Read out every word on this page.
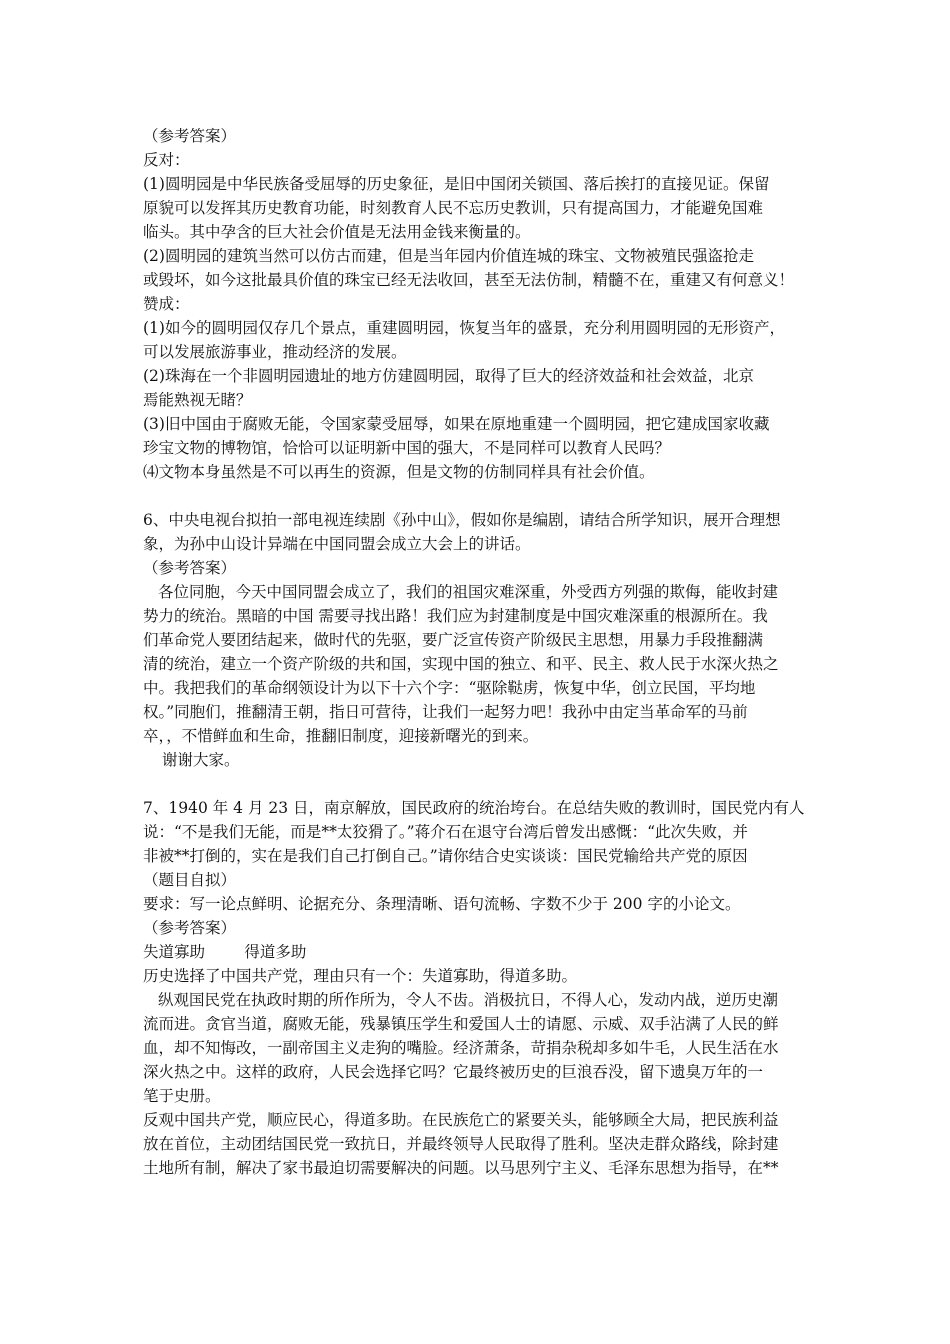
（参考答案）
反对：
(1)圆明园是中华民族备受屈辱的历史象征，是旧中国闭关锁国、落后挨打的直接见证。保留
原貌可以发挥其历史教育功能，时刻教育人民不忘历史教训，只有提高国力，才能避免国难
临头。其中孕含的巨大社会价值是无法用金钱来衡量的。
(2)圆明园的建筑当然可以仿古而建，但是当年园内价值连城的珠宝、文物被殖民强盗抢走
或毁坏，如今这批最具价值的珠宝已经无法收回，甚至无法仿制，精髓不在，重建又有何意义！
赞成：
(1)如今的圆明园仅存几个景点，重建圆明园，恢复当年的盛景，充分利用圆明园的无形资产，
可以发展旅游事业，推动经济的发展。
(2)珠海在一个非圆明园遗址的地方仿建圆明园，取得了巨大的经济效益和社会效益，北京
焉能熟视无睹？
(3)旧中国由于腐败无能，令国家蒙受屈辱，如果在原地重建一个圆明园，把它建成国家收藏
珍宝文物的博物馆，恰恰可以证明新中国的强大，不是同样可以教育人民吗？
⑷文物本身虽然是不可以再生的资源，但是文物的仿制同样具有社会价值。
6、中央电视台拟拍一部电视连续剧《孙中山》，假如你是编剧，请结合所学知识，展开合理想
象，为孙中山设计异端在中国同盟会成立大会上的讲话。
（参考答案）
各位同胞，今天中国同盟会成立了，我们的祖国灾难深重，外受西方列强的欺侮，能收封建
势力的统治。黑暗的中国 需要寻找出路！我们应为封建制度是中国灾难深重的根源所在。我
们革命党人要团结起来，做时代的先驱，要广泛宣传资产阶级民主思想，用暴力手段推翻满
清的统治，建立一个资产阶级的共和国，实现中国的独立、和平、民主、救人民于水深火热之
中。我把我们的革命纲领设计为以下十六个字：“驱除鞑虏，恢复中华，创立民国，平均地
权。”同胞们，推翻清王朝，指日可营待，让我们一起努力吧！我孙中由定当革命军的马前
卒，，不惜鲜血和生命，推翻旧制度，迎接新曙光的到来。
谢谢大家。
7、1940 年 4 月 23 日，南京解放，国民政府的统治垮台。在总结失败的教训时，国民党内有人
说：“不是我们无能，而是**太狡猾了。”蒋介石在退守台湾后曾发出感慨：“此次失败，并
非被**打倒的，实在是我们自己打倒自己。”请你结合史实谈谈：国民党输给共产党的原因
（题目自拟）
要求：写一论点鲜明、论据充分、条理清晰、语句流畅、字数不少于 200 字的小论文。
（参考答案）
失道寡助        得道多助
历史选择了中国共产党，理由只有一个：失道寡助，得道多助。
纵观国民党在执政时期的所作所为，令人不齿。消极抗日，不得人心，发动内战，逆历史潮
流而进。贪官当道，腐败无能，残暴镇压学生和爱国人士的请愿、示威、双手沾满了人民的鲜
血，却不知悔改，一副帝国主义走狗的嘴脸。经济萧条，苛捐杂税却多如牛毛，人民生活在水
深火热之中。这样的政府，人民会选择它吗？它最终被历史的巨浪吞没，留下遗臭万年的一
笔于史册。
反观中国共产党，顺应民心，得道多助。在民族危亡的紧要关头，能够顾全大局，把民族利益
放在首位，主动团结国民党一致抗日，并最终领导人民取得了胜利。坚决走群众路线，除封建
土地所有制，解决了家书最迫切需要解决的问题。以马思列宁主义、毛泽东思想为指导，在**
